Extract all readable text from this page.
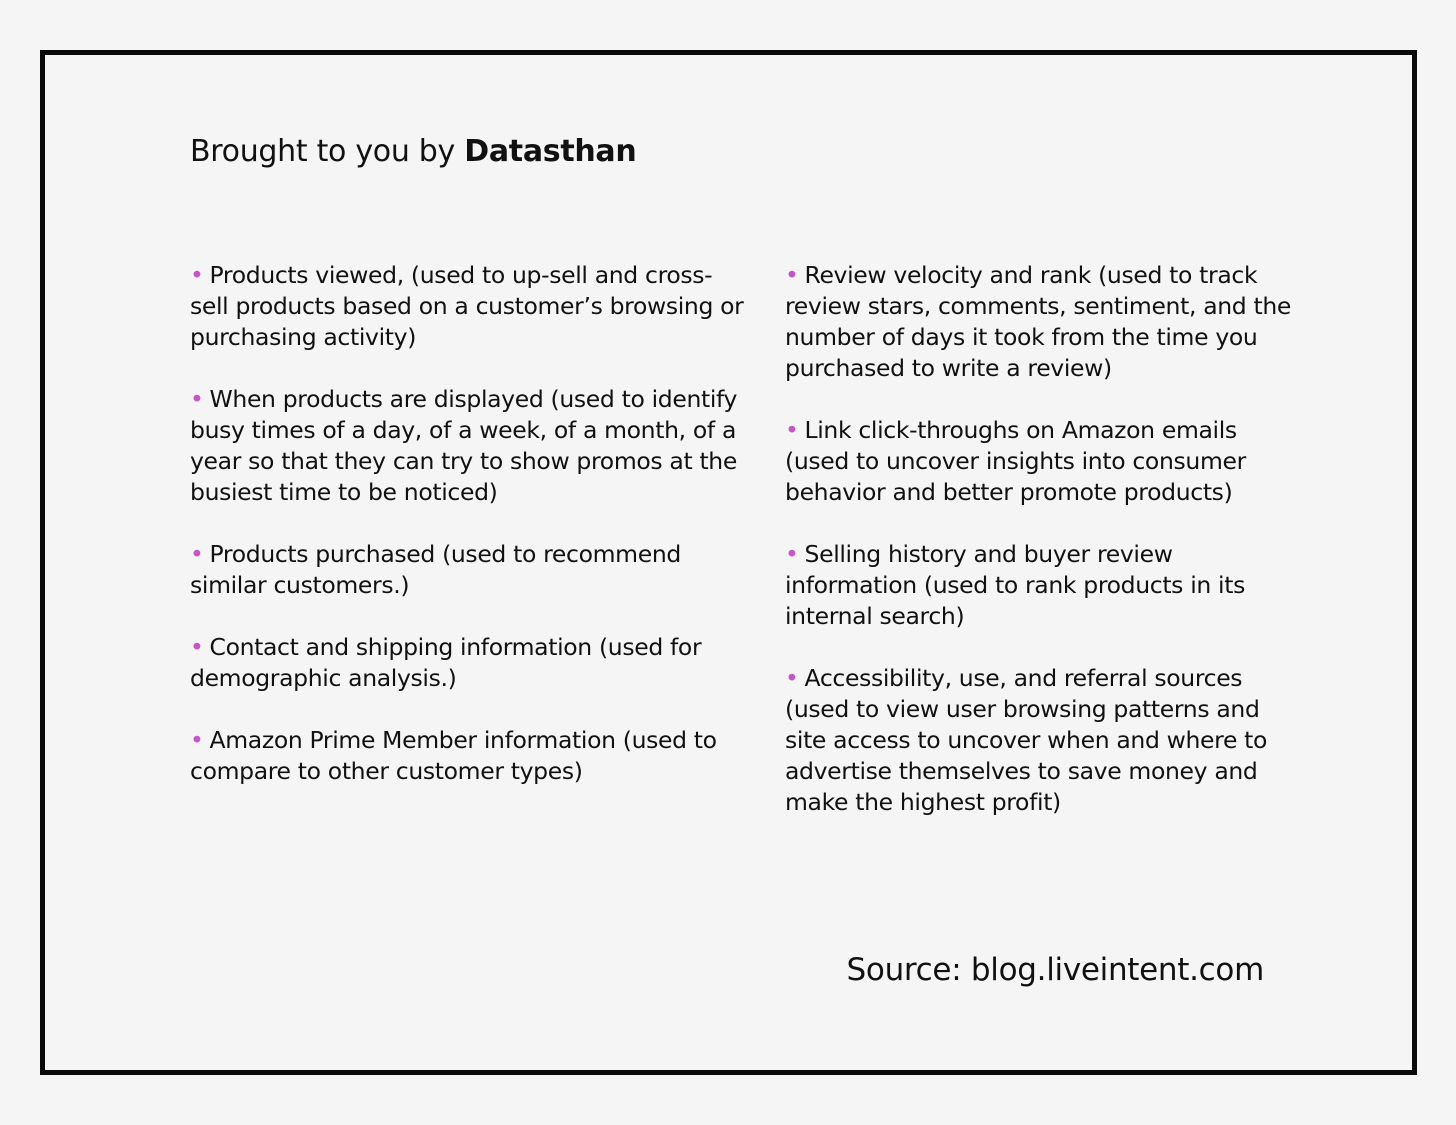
Brought to you by Datasthan
• Products viewed, (used to up-sell and cross-sell products based on a customer’s browsing or purchasing activity)
• When products are displayed (used to identify busy times of a day, of a week, of a month, of a year so that they can try to show promos at the busiest time to be noticed)
• Products purchased (used to recommend similar customers.)
• Contact and shipping information (used for demographic analysis.)
• Amazon Prime Member information (used to compare to other customer types)
• Review velocity and rank (used to track review stars, comments, sentiment, and the number of days it took from the time you purchased to write a review)
• Link click-throughs on Amazon emails (used to uncover insights into consumer behavior and better promote products)
• Selling history and buyer review information (used to rank products in its internal search)
• Accessibility, use, and referral sources (used to view user browsing patterns and site access to uncover when and where to advertise themselves to save money and make the highest profit)
Source: blog.liveintent.com
